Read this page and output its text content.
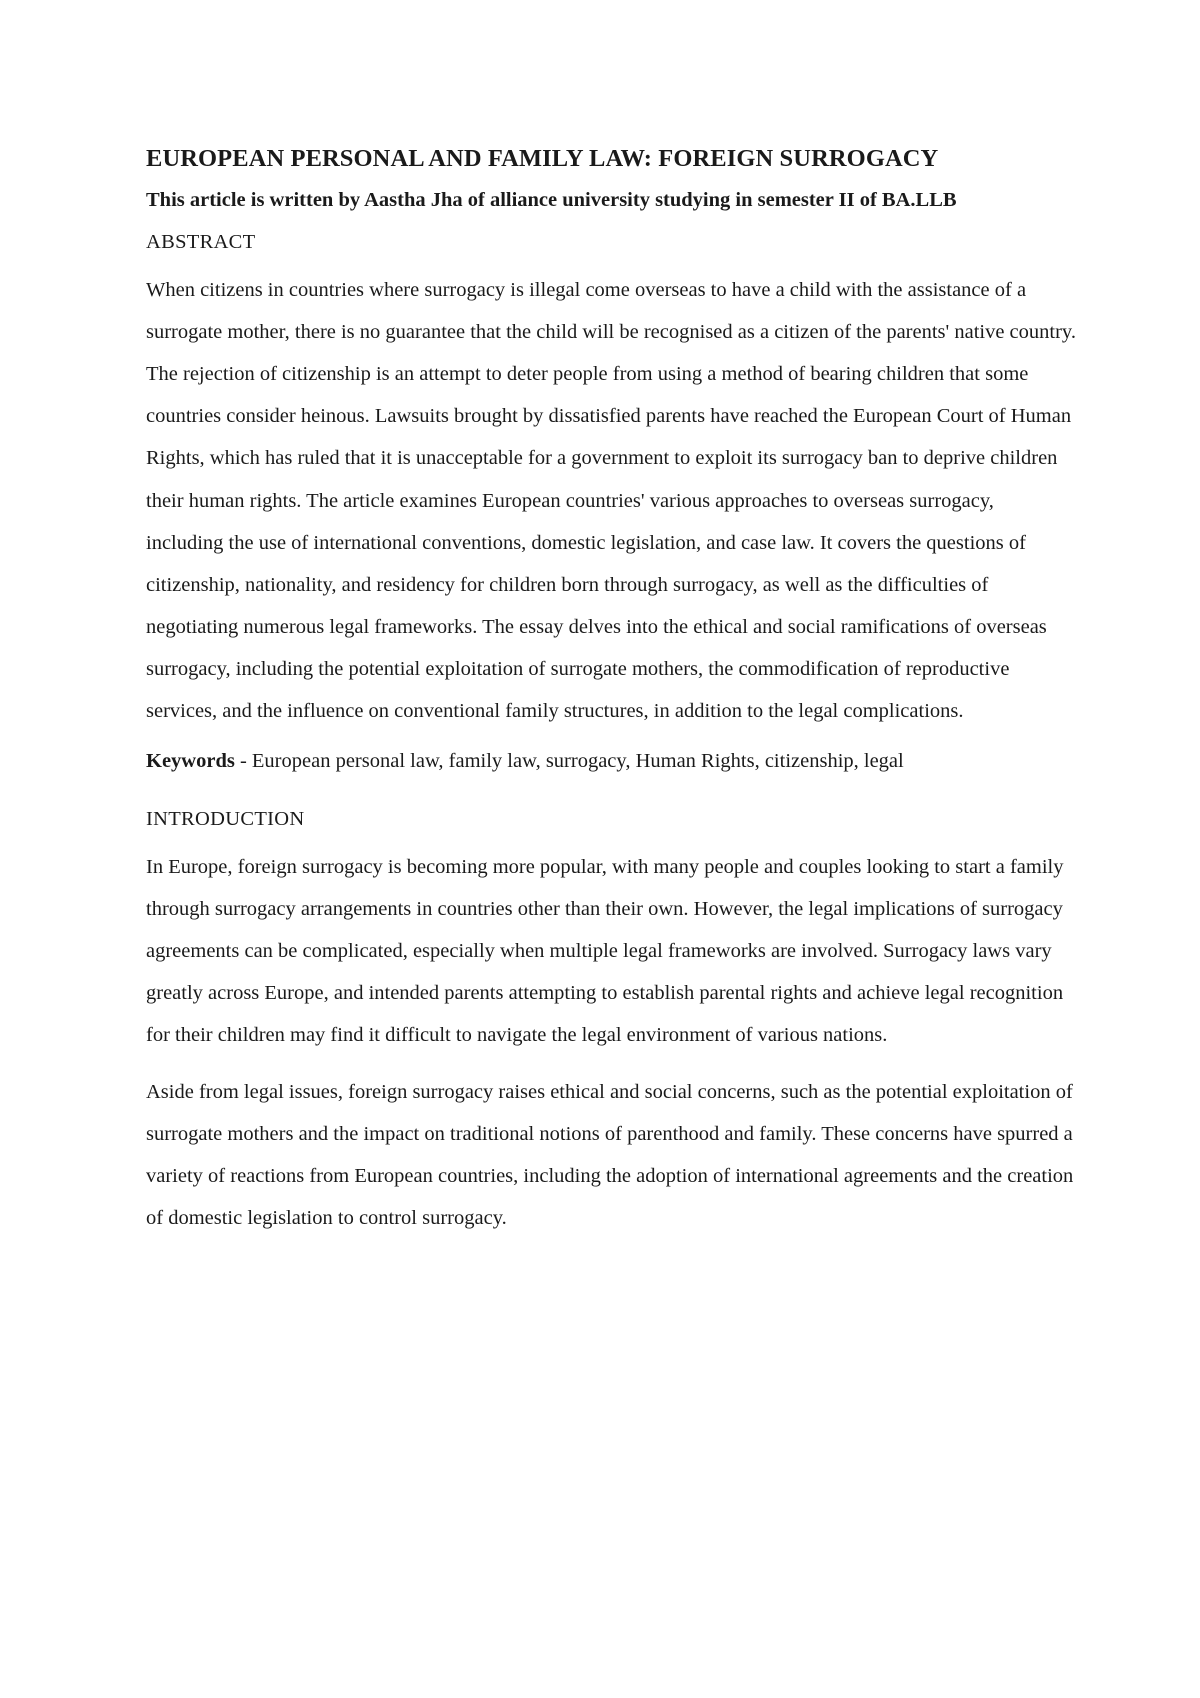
EUROPEAN PERSONAL AND FAMILY LAW: FOREIGN SURROGACY

This article is written by Aastha Jha of alliance university studying in semester II of BA.LLB

ABSTRACT

When citizens in countries where surrogacy is illegal come overseas to have a child with the assistance of a surrogate mother, there is no guarantee that the child will be recognised as a citizen of the parents' native country. The rejection of citizenship is an attempt to deter people from using a method of bearing children that some countries consider heinous. Lawsuits brought by dissatisfied parents have reached the European Court of Human Rights, which has ruled that it is unacceptable for a government to exploit its surrogacy ban to deprive children their human rights. The article examines European countries' various approaches to overseas surrogacy, including the use of international conventions, domestic legislation, and case law. It covers the questions of citizenship, nationality, and residency for children born through surrogacy, as well as the difficulties of negotiating numerous legal frameworks. The essay delves into the ethical and social ramifications of overseas surrogacy, including the potential exploitation of surrogate mothers, the commodification of reproductive services, and the influence on conventional family structures, in addition to the legal complications.

Keywords - European personal law, family law, surrogacy, Human Rights, citizenship, legal

INTRODUCTION

In Europe, foreign surrogacy is becoming more popular, with many people and couples looking to start a family through surrogacy arrangements in countries other than their own. However, the legal implications of surrogacy agreements can be complicated, especially when multiple legal frameworks are involved. Surrogacy laws vary greatly across Europe, and intended parents attempting to establish parental rights and achieve legal recognition for their children may find it difficult to navigate the legal environment of various nations.

Aside from legal issues, foreign surrogacy raises ethical and social concerns, such as the potential exploitation of surrogate mothers and the impact on traditional notions of parenthood and family. These concerns have spurred a variety of reactions from European countries, including the adoption of international agreements and the creation of domestic legislation to control surrogacy.
